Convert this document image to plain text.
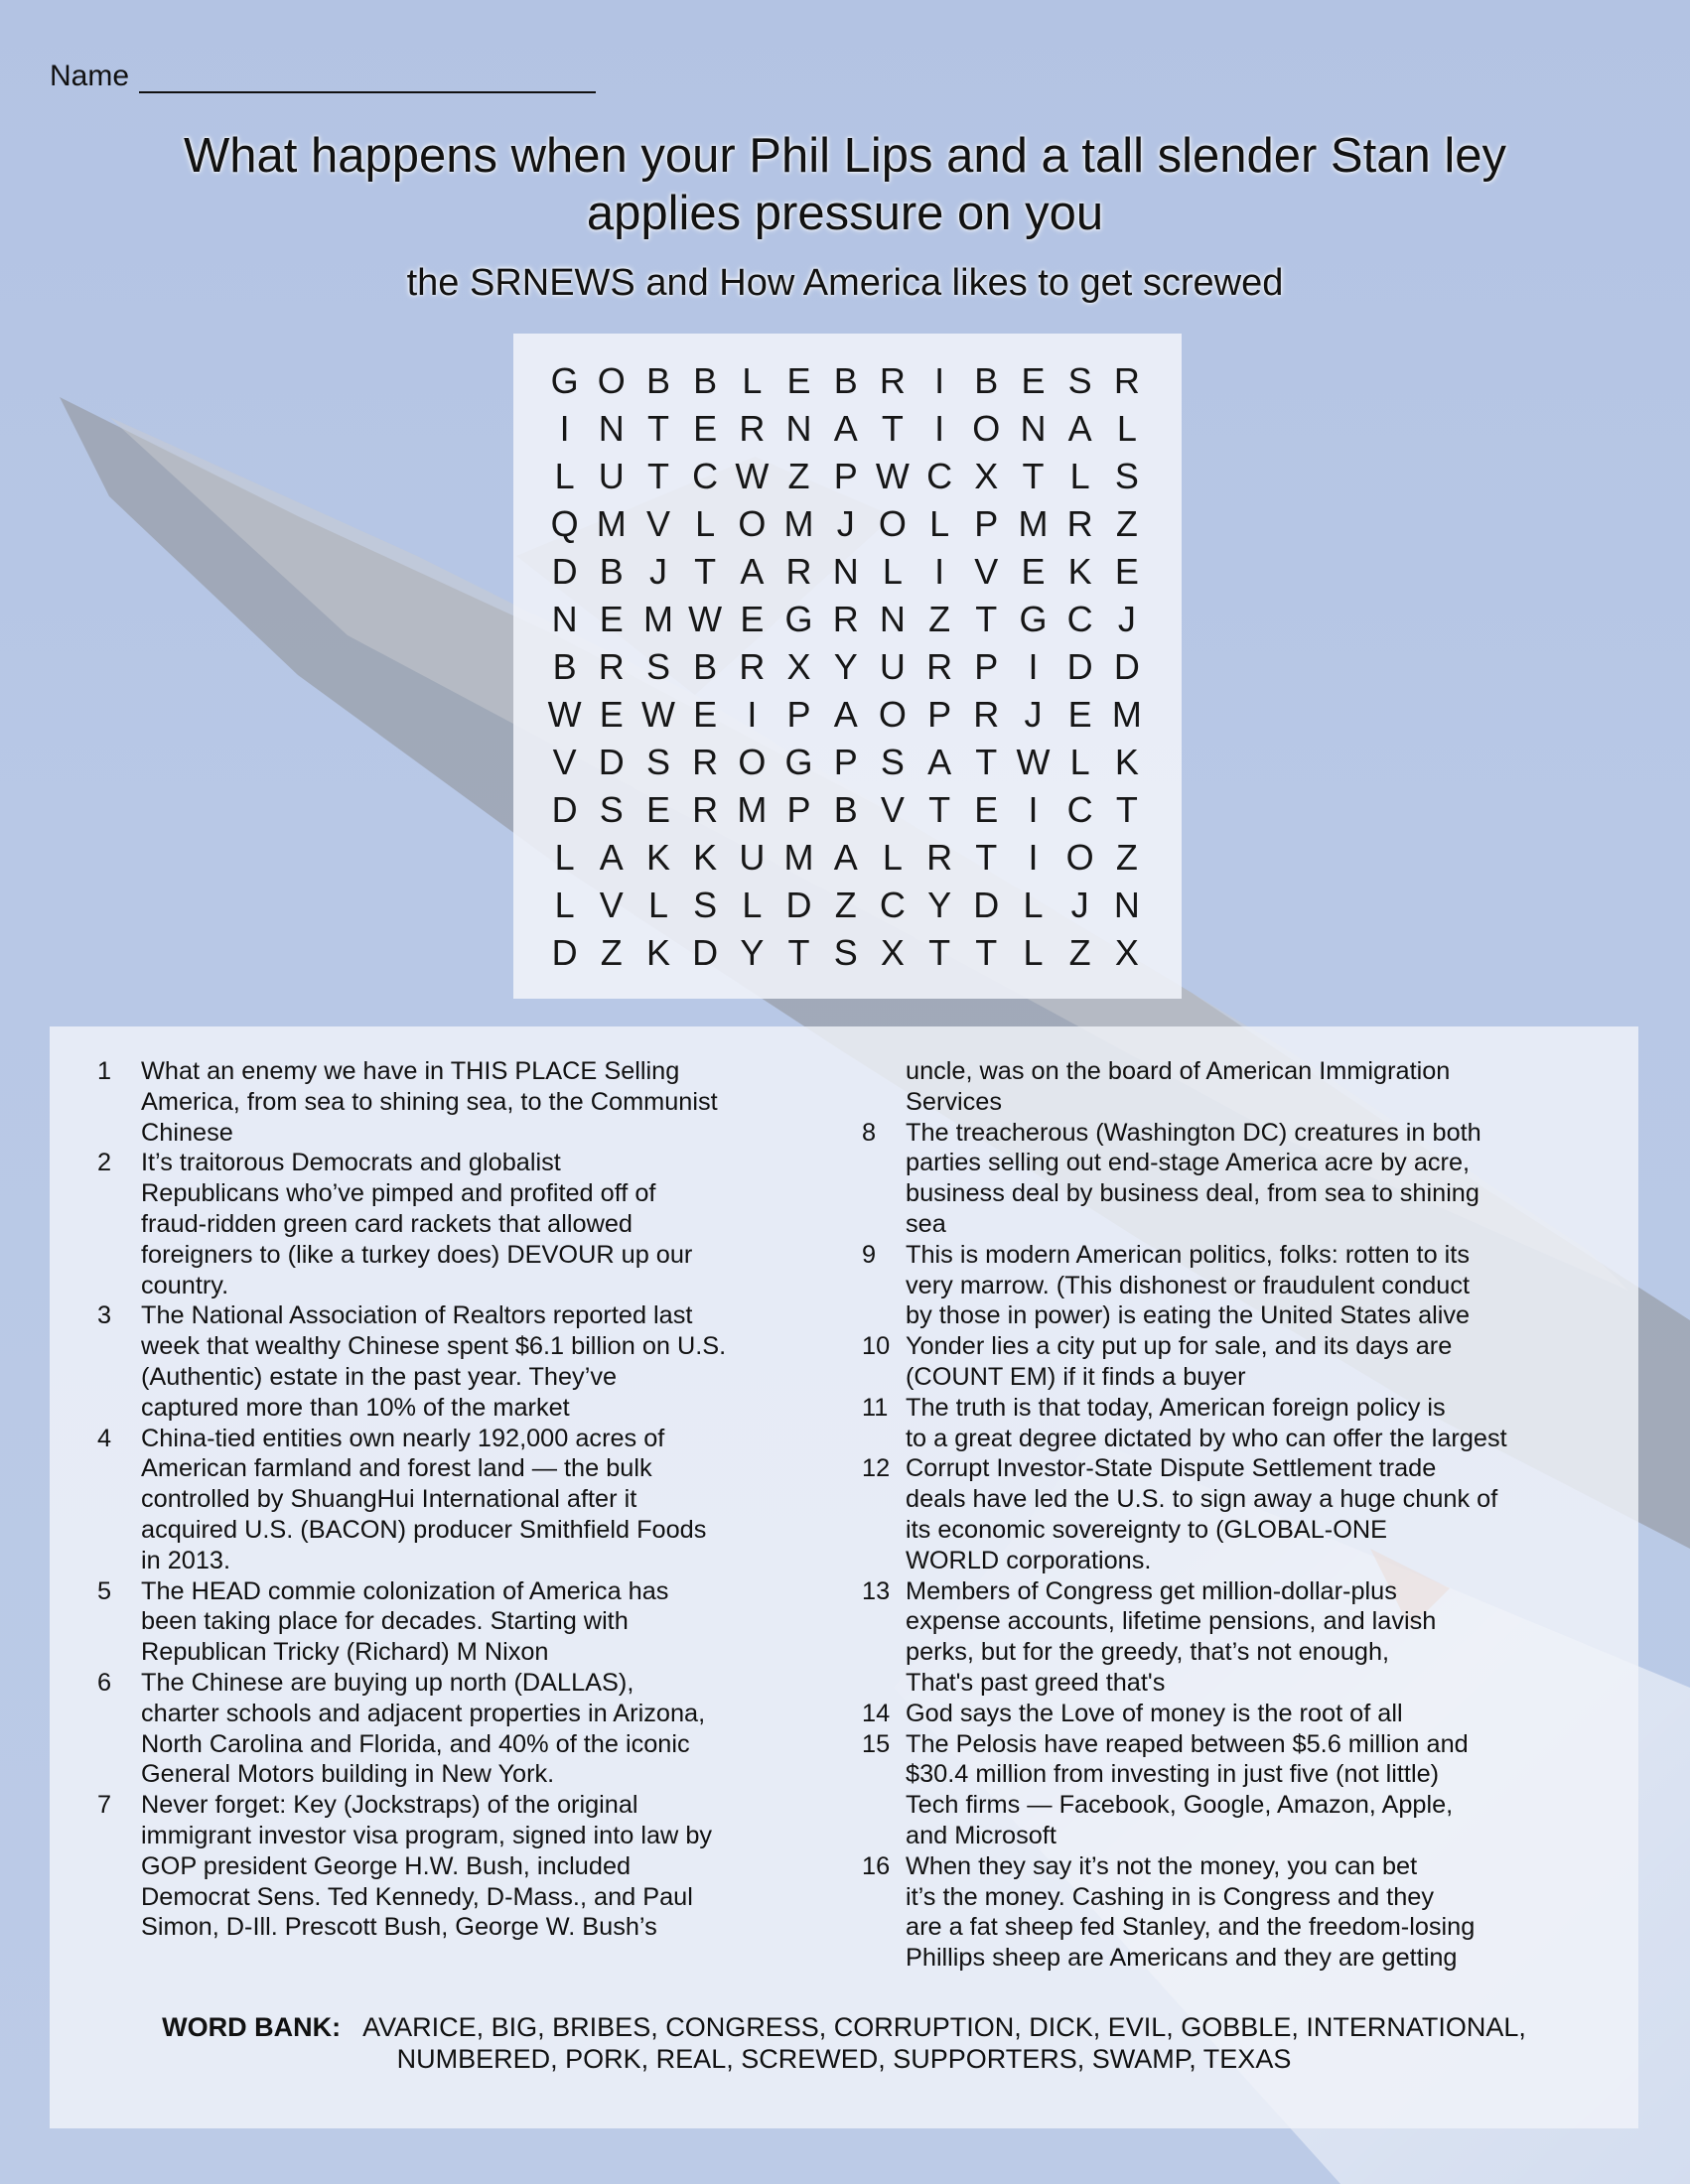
Name
What happens when your Phil Lips and a tall slender Stan ley
applies pressure on you
the SRNEWS and How America likes to get screwed
G O B B L E B R I B E S R
I N T E R N A T I O N A L
L U T C W Z P W C X T L S
Q M V L O M J O L P M R Z
D B J T A R N L I V E K E
N E M W E G R N Z T G C J
B R S B R X Y U R P I D D
W E W E I P A O P R J E M
V D S R O G P S A T W L K
D S E R M P B V T E I C T
L A K K U M A L R T I O Z
L V L S L D Z C Y D L J N
D Z K D Y T S X T T L Z X
1	What an enemy we have in THIS PLACE Selling
America, from sea to shining sea, to the Communist
Chinese
2	It’s traitorous Democrats and globalist
Republicans who’ve pimped and profited off of
fraud-ridden green card rackets that allowed
foreigners to (like a turkey does) DEVOUR up our
country.
3	The National Association of Realtors reported last
week that wealthy Chinese spent $6.1 billion on U.S.
(Authentic) estate in the past year. They’ve
captured more than 10% of the market
4	China-tied entities own nearly 192,000 acres of
American farmland and forest land — the bulk
controlled by ShuangHui International after it
acquired U.S. (BACON) producer Smithfield Foods
in 2013.
5	The HEAD commie colonization of America has
been taking place for decades. Starting with
Republican Tricky (Richard) M Nixon
6	The Chinese are buying up north (DALLAS),
charter schools and adjacent properties in Arizona,
North Carolina and Florida, and 40% of the iconic
General Motors building in New York.
7	Never forget: Key (Jockstraps) of the original
immigrant investor visa program, signed into law by
GOP president George H.W. Bush, included
Democrat Sens. Ted Kennedy, D-Mass., and Paul
Simon, D-Ill. Prescott Bush, George W. Bush’s
uncle, was on the board of American Immigration
Services
8	The treacherous (Washington DC) creatures in both
parties selling out end-stage America acre by acre,
business deal by business deal, from sea to shining
sea
9	This is modern American politics, folks: rotten to its
very marrow. (This dishonest or fraudulent conduct
by those in power) is eating the United States alive
10 Yonder lies a city put up for sale, and its days are
(COUNT EM) if it finds a buyer
11 The truth is that today, American foreign policy is
to a great degree dictated by who can offer the largest
12 Corrupt Investor-State Dispute Settlement trade
deals have led the U.S. to sign away a huge chunk of
its economic sovereignty to (GLOBAL-ONE
WORLD corporations.
13 Members of Congress get million-dollar-plus
expense accounts, lifetime pensions, and lavish
perks, but for the greedy, that’s not enough,
That's past greed that's
14 God says the Love of money is the root of all
15 The Pelosis have reaped between $5.6 million and
$30.4 million from investing in just five (not little)
Tech firms — Facebook, Google, Amazon, Apple,
and Microsoft
16 When they say it’s not the money, you can bet
it’s the money. Cashing in is Congress and they
are a fat sheep fed Stanley, and the freedom-losing
Phillips sheep are Americans and they are getting
WORD BANK: AVARICE, BIG, BRIBES, CONGRESS, CORRUPTION, DICK, EVIL, GOBBLE, INTERNATIONAL,
NUMBERED, PORK, REAL, SCREWED, SUPPORTERS, SWAMP, TEXAS
